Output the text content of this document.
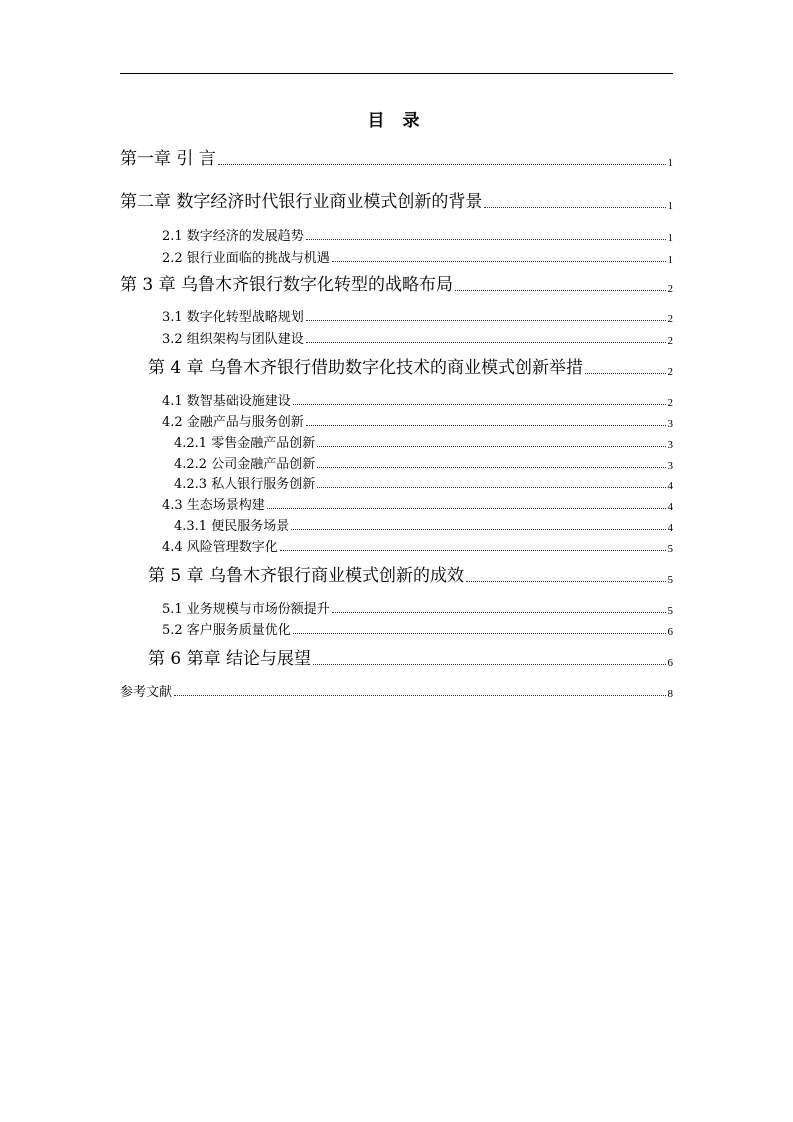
目 录
第一章 引 言	1
第二章 数字经济时代银行业商业模式创新的背景	1
2.1 数字经济的发展趋势	1
2.2 银行业面临的挑战与机遇	1
第 3 章 乌鲁木齐银行数字化转型的战略布局	2
3.1 数字化转型战略规划	2
3.2 组织架构与团队建设	2
第 4 章 乌鲁木齐银行借助数字化技术的商业模式创新举措	2
4.1 数智基础设施建设	2
4.2 金融产品与服务创新	3
4.2.1 零售金融产品创新	3
4.2.2 公司金融产品创新	3
4.2.3 私人银行服务创新	4
4.3 生态场景构建	4
4.3.1 便民服务场景	4
4.4 风险管理数字化	5
第 5 章 乌鲁木齐银行商业模式创新的成效	5
5.1 业务规模与市场份额提升	5
5.2 客户服务质量优化	6
第 6 第章 结论与展望	6
参考文献	8
